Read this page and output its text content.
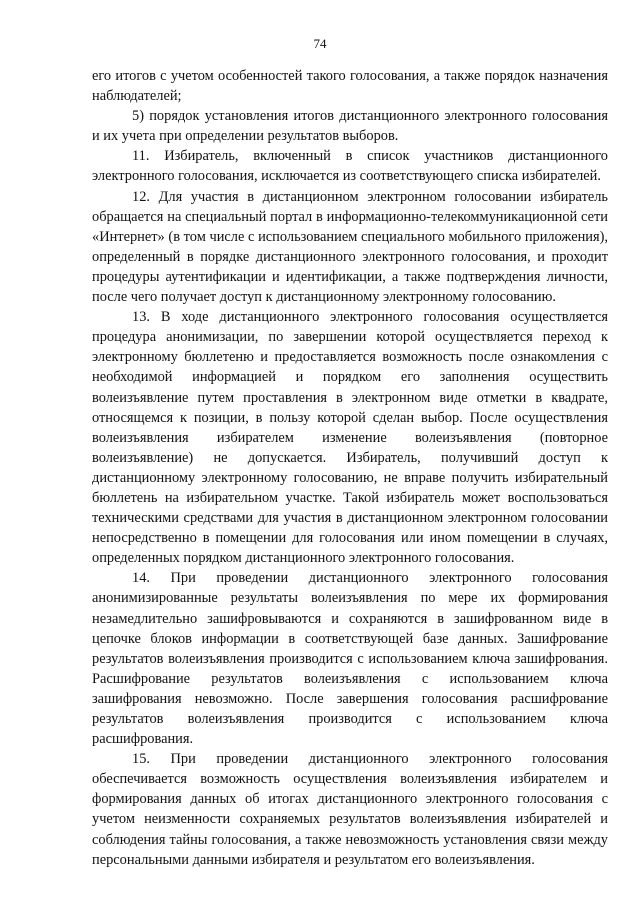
74

его итогов с учетом особенностей такого голосования, а также порядок назначения наблюдателей;

5) порядок установления итогов дистанционного электронного голосования и их учета при определении результатов выборов.

11. Избиратель, включенный в список участников дистанционного электронного голосования, исключается из соответствующего списка избирателей.

12. Для участия в дистанционном электронном голосовании избиратель обращается на специальный портал в информационно-телекоммуникационной сети «Интернет» (в том числе с использованием специального мобильного приложения), определенный в порядке дистанционного электронного голосования, и проходит процедуры аутентификации и идентификации, а также подтверждения личности, после чего получает доступ к дистанционному электронному голосованию.

13. В ходе дистанционного электронного голосования осуществляется процедура анонимизации, по завершении которой осуществляется переход к электронному бюллетеню и предоставляется возможность после ознакомления с необходимой информацией и порядком его заполнения осуществить волеизъявление путем проставления в электронном виде отметки в квадрате, относящемся к позиции, в пользу которой сделан выбор. После осуществления волеизъявления избирателем изменение волеизъявления (повторное волеизъявление) не допускается. Избиратель, получивший доступ к дистанционному электронному голосованию, не вправе получить избирательный бюллетень на избирательном участке. Такой избиратель может воспользоваться техническими средствами для участия в дистанционном электронном голосовании непосредственно в помещении для голосования или ином помещении в случаях, определенных порядком дистанционного электронного голосования.

14. При проведении дистанционного электронного голосования анонимизированные результаты волеизъявления по мере их формирования незамедлительно зашифровываются и сохраняются в зашифрованном виде в цепочке блоков информации в соответствующей базе данных. Зашифрование результатов волеизъявления производится с использованием ключа зашифрования. Расшифрование результатов волеизъявления с использованием ключа зашифрования невозможно. После завершения голосования расшифрование результатов волеизъявления производится с использованием ключа расшифрования.

15. При проведении дистанционного электронного голосования обеспечивается возможность осуществления волеизъявления избирателем и формирования данных об итогах дистанционного электронного голосования с учетом неизменности сохраняемых результатов волеизъявления избирателей и соблюдения тайны голосования, а также невозможность установления связи между персональными данными избирателя и результатом его волеизъявления.
